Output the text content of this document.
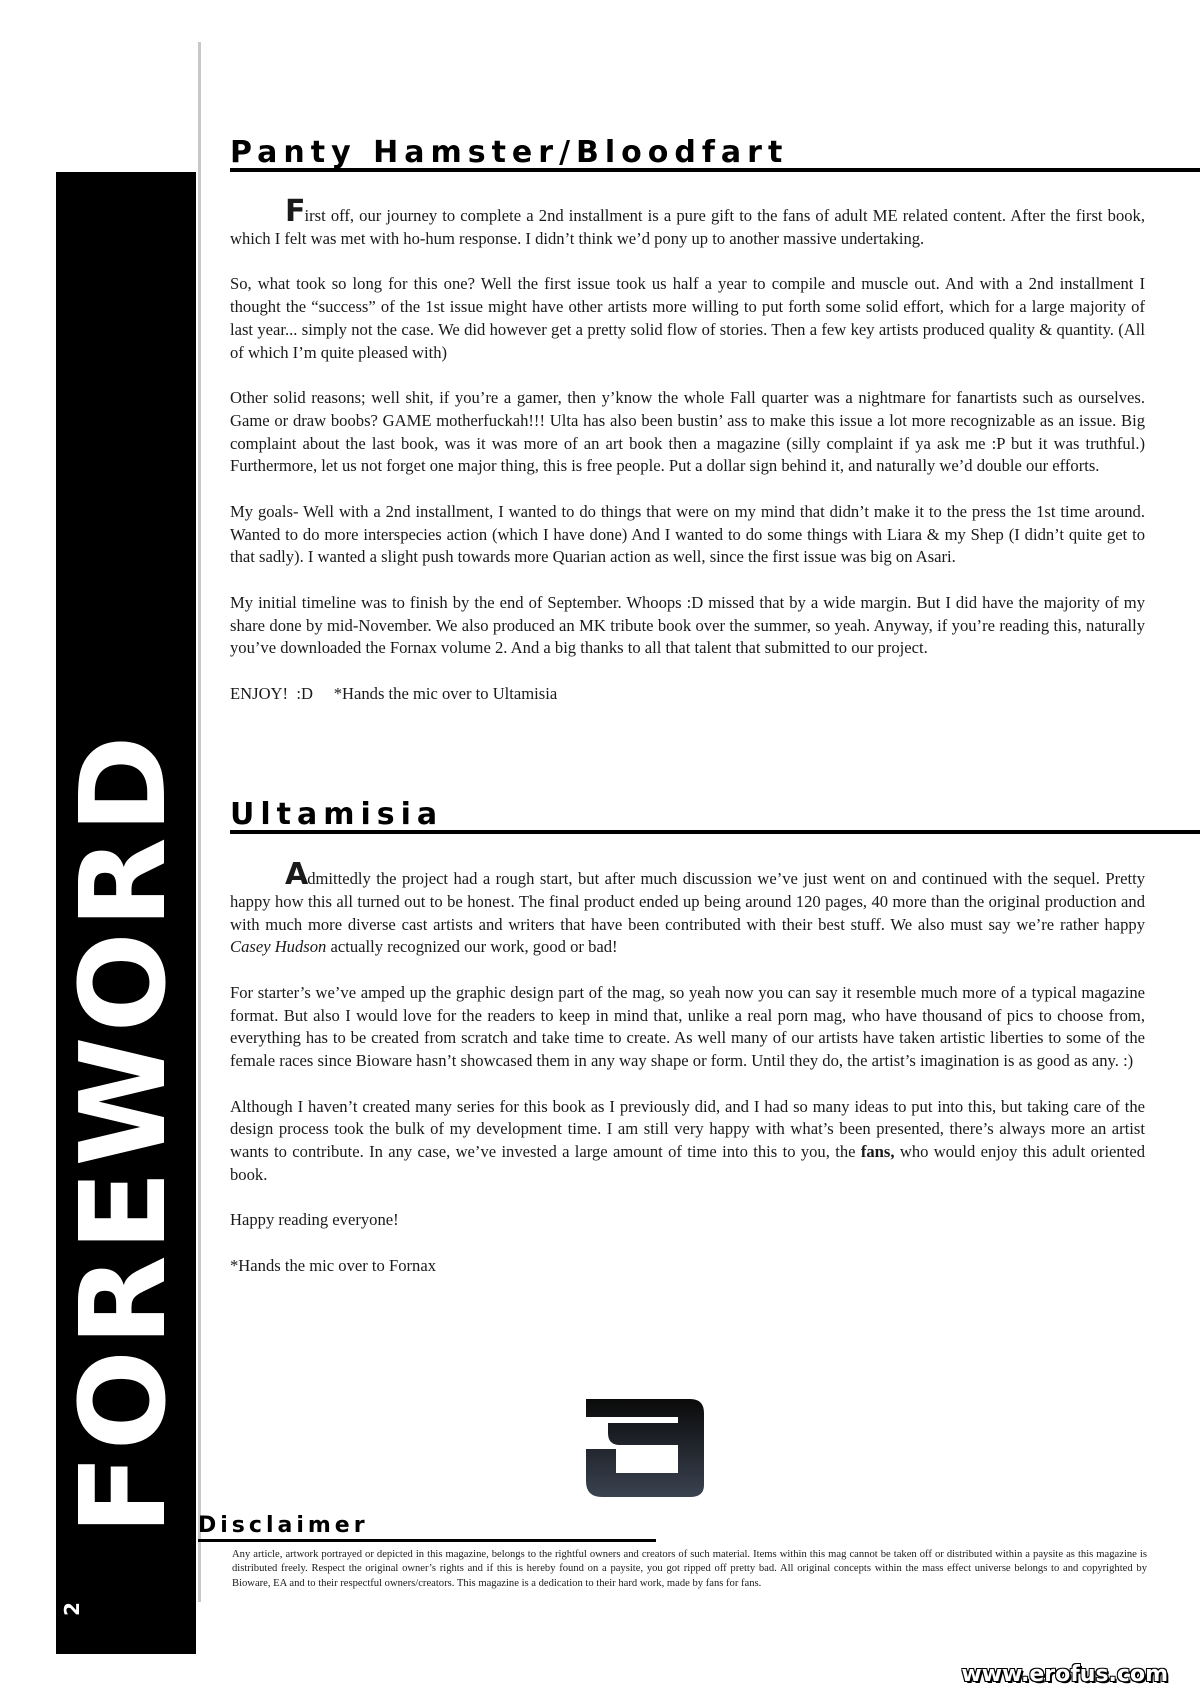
FOREWORD
2
Panty Hamster/Bloodfart

First off, our journey to complete a 2nd installment is a pure gift to the fans of adult ME related content. After the first book, which I felt was met with ho-hum response. I didn’t think we’d pony up to another massive undertaking.

So, what took so long for this one? Well the first issue took us half a year to compile and muscle out. And with a 2nd installment I thought the “success” of the 1st issue might have other artists more willing to put forth some solid effort, which for a large majority of last year... simply not the case. We did however get a pretty solid flow of stories. Then a few key artists produced quality & quantity. (All of which I’m quite pleased with)

Other solid reasons; well shit, if you’re a gamer, then y’know the whole Fall quarter was a nightmare for fanartists such as ourselves. Game or draw boobs? GAME motherfuckah!!! Ulta has also been bustin’ ass to make this issue a lot more recognizable as an issue. Big complaint about the last book, was it was more of an art book then a magazine (silly complaint if ya ask me :P but it was truthful.) Furthermore, let us not forget one major thing, this is free people. Put a dollar sign behind it, and naturally we’d double our efforts.

My goals- Well with a 2nd installment, I wanted to do things that were on my mind that didn’t make it to the press the 1st time around. Wanted to do more interspecies action (which I have done) And I wanted to do some things with Liara & my Shep (I didn’t quite get to that sadly). I wanted a slight push towards more Quarian action as well, since the first issue was big on Asari.

My initial timeline was to finish by the end of September. Whoops :D missed that by a wide margin. But I did have the majority of my share done by mid-November. We also produced an MK tribute book over the summer, so yeah. Anyway, if you’re reading this, naturally you’ve downloaded the Fornax volume 2. And a big thanks to all that talent that submitted to our project.

ENJOY!  :D     *Hands the mic over to Ultamisia

Ultamisia

Admittedly the project had a rough start, but after much discussion we’ve just went on and continued with the sequel. Pretty happy how this all turned out to be honest. The final product ended up being around 120 pages, 40 more than the original production and with much more diverse cast artists and writers that have been contributed with their best stuff. We also must say we’re rather happy Casey Hudson actually recognized our work, good or bad!

For starter’s we’ve amped up the graphic design part of the mag, so yeah now you can say it resemble much more of a typical magazine format. But also I would love for the readers to keep in mind that, unlike a real porn mag, who have thousand of pics to choose from, everything has to be created from scratch and take time to create. As well many of our artists have taken artistic liberties to some of the female races since Bioware hasn’t showcased them in any way shape or form. Until they do, the artist’s imagination is as good as any. :)

Although I haven’t created many series for this book as I previously did, and I had so many ideas to put into this, but taking care of the design process took the bulk of my development time. I am still very happy with what’s been presented, there’s always more an artist wants to contribute. In any case, we’ve invested a large amount of time into this to you, the fans, who would enjoy this adult oriented book.

Happy reading everyone!

*Hands the mic over to Fornax

Disclaimer
Any article, artwork portrayed or depicted in this magazine, belongs to the rightful owners and creators of such material. Items within this mag cannot be taken off or distributed within a paysite as this magazine is distributed freely. Respect the original owner’s rights and if this is hereby found on a paysite, you got ripped off pretty bad. All original concepts within the mass effect universe belongs to and copyrighted by Bioware, EA and to their respectful owners/creators. This magazine is a dedication to their hard work, made by fans for fans.
www.erofus.com
